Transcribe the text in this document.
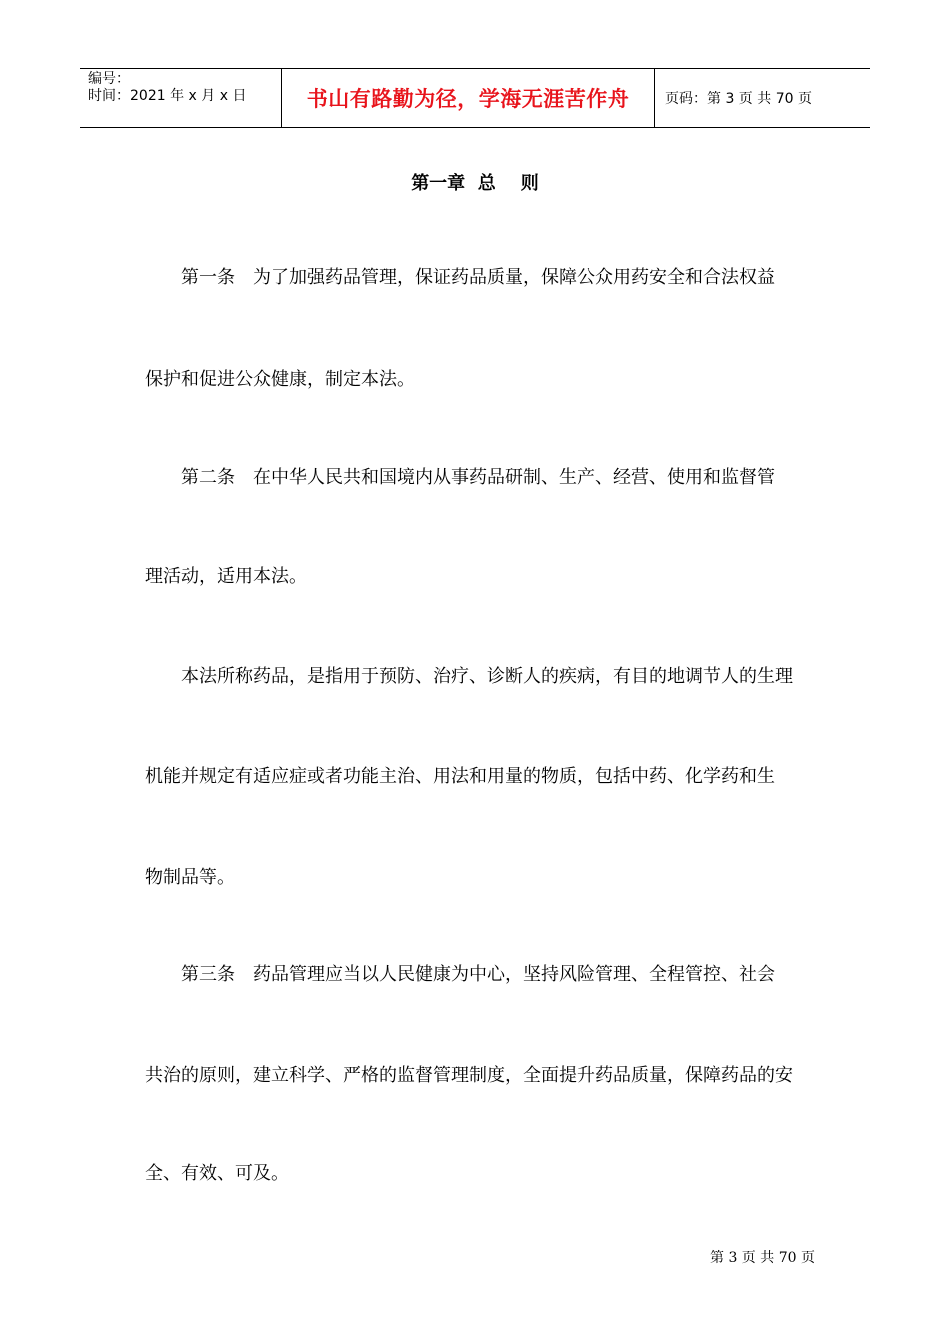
编号：
时间：2021 年 x 月 x 日	书山有路勤为径，学海无涯苦作舟	页码：第 3 页 共 70 页
第一章  总    则
　　第一条　为了加强药品管理，保证药品质量，保障公众用药安全和合法权益
保护和促进公众健康，制定本法。
　　第二条　在中华人民共和国境内从事药品研制、生产、经营、使用和监督管
理活动，适用本法。
　　本法所称药品，是指用于预防、治疗、诊断人的疾病，有目的地调节人的生理
机能并规定有适应症或者功能主治、用法和用量的物质，包括中药、化学药和生
物制品等。
　　第三条　药品管理应当以人民健康为中心，坚持风险管理、全程管控、社会
共治的原则，建立科学、严格的监督管理制度，全面提升药品质量，保障药品的安
全、有效、可及。
第 3 页 共 70 页
